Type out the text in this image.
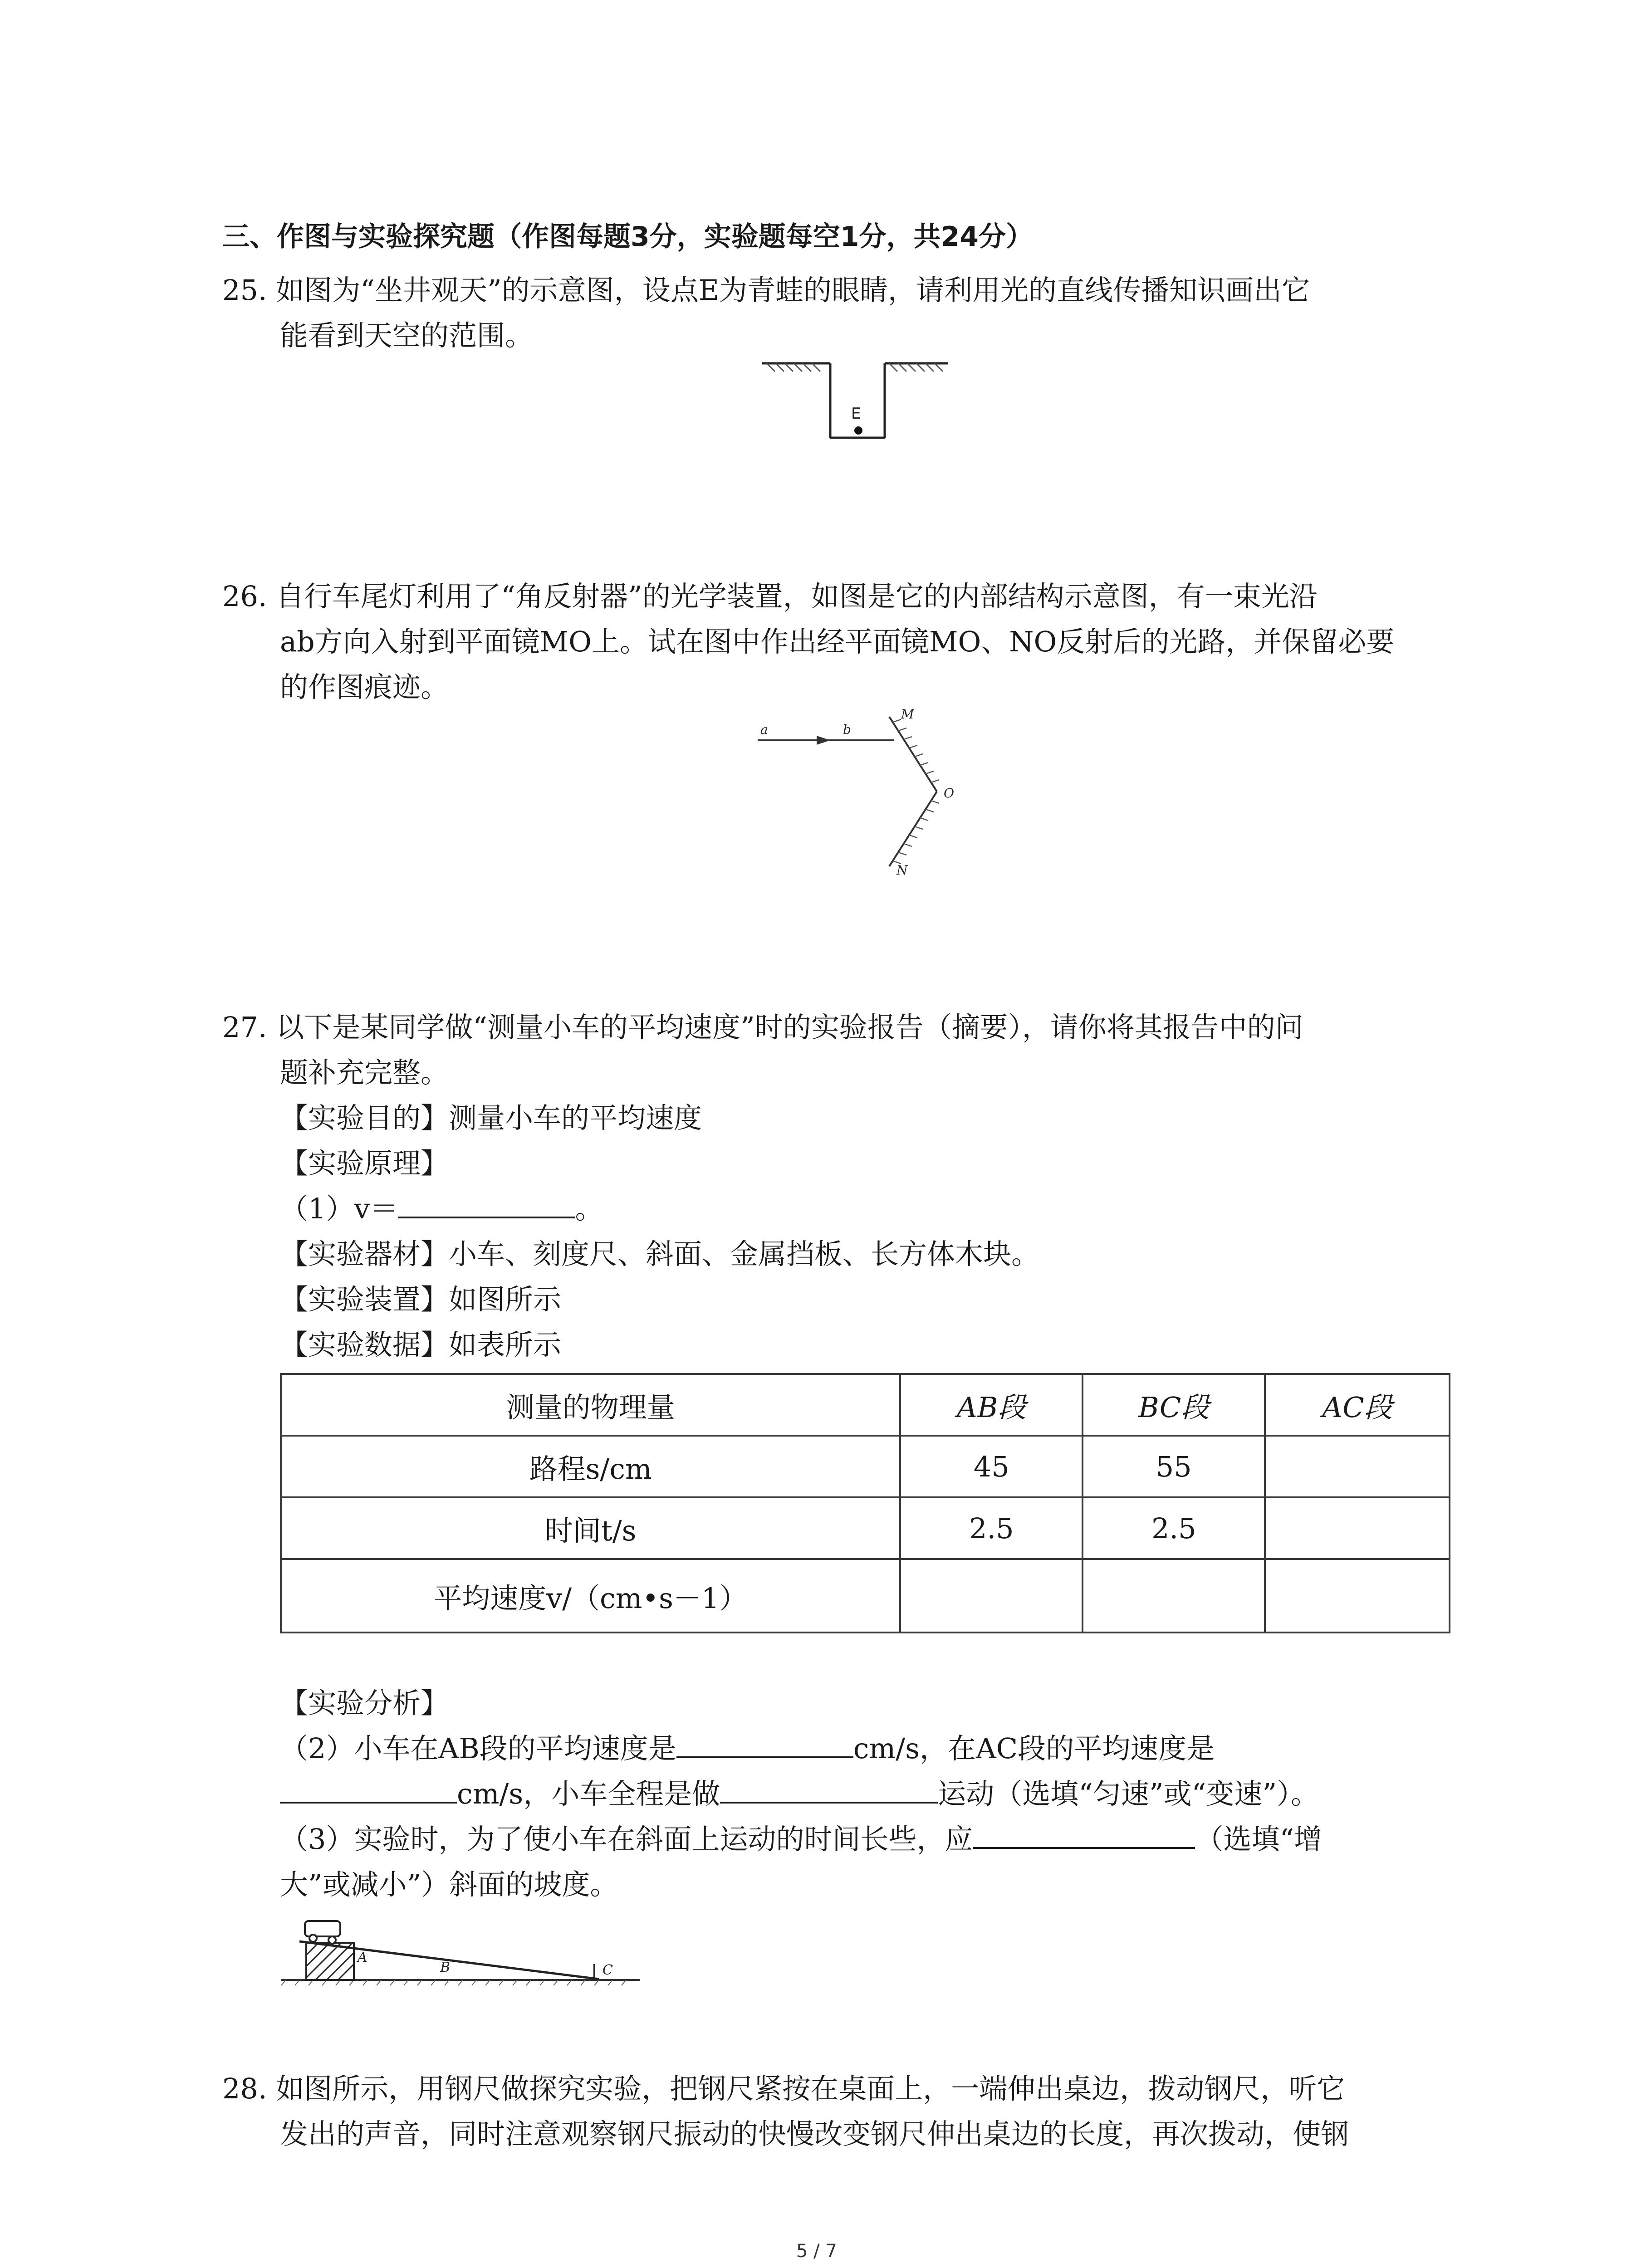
三、作图与实验探究题（作图每题3分，实验题每空1分，共24分）
25. 如图为“坐井观天”的示意图，设点E为青蛙的眼睛，请利用光的直线传播知识画出它
能看到天空的范围。
E
26. 自行车尾灯利用了“角反射器”的光学装置，如图是它的内部结构示意图，有一束光沿
ab方向入射到平面镜MO上。试在图中作出经平面镜MO、NO反射后的光路，并保留必要
的作图痕迹。
a	b
M
O
N
27. 以下是某同学做“测量小车的平均速度”时的实验报告（摘要），请你将其报告中的问
题补充完整。
【实验目的】测量小车的平均速度
【实验原理】
（1）v＝	。
【实验器材】小车、刻度尺、斜面、金属挡板、长方体木块。
【实验装置】如图所示
【实验数据】如表所示
测量的物理量	AB段	BC段	AC段
路程s/cm	45	55	
时间t/s	2.5	2.5	
平均速度v/（cm•s－1）			
【实验分析】
（2）小车在AB段的平均速度是	cm/s，在AC段的平均速度是
cm/s，小车全程是做	运动（选填“匀速”或“变速”）。
（3）实验时，为了使小车在斜面上运动的时间长些，应	（选填“增
大”或减小”）斜面的坡度。
A
B	C
28. 如图所示，用钢尺做探究实验，把钢尺紧按在桌面上，一端伸出桌边，拨动钢尺，听它
发出的声音，同时注意观察钢尺振动的快慢改变钢尺伸出桌边的长度，再次拨动，使钢
5 / 7
